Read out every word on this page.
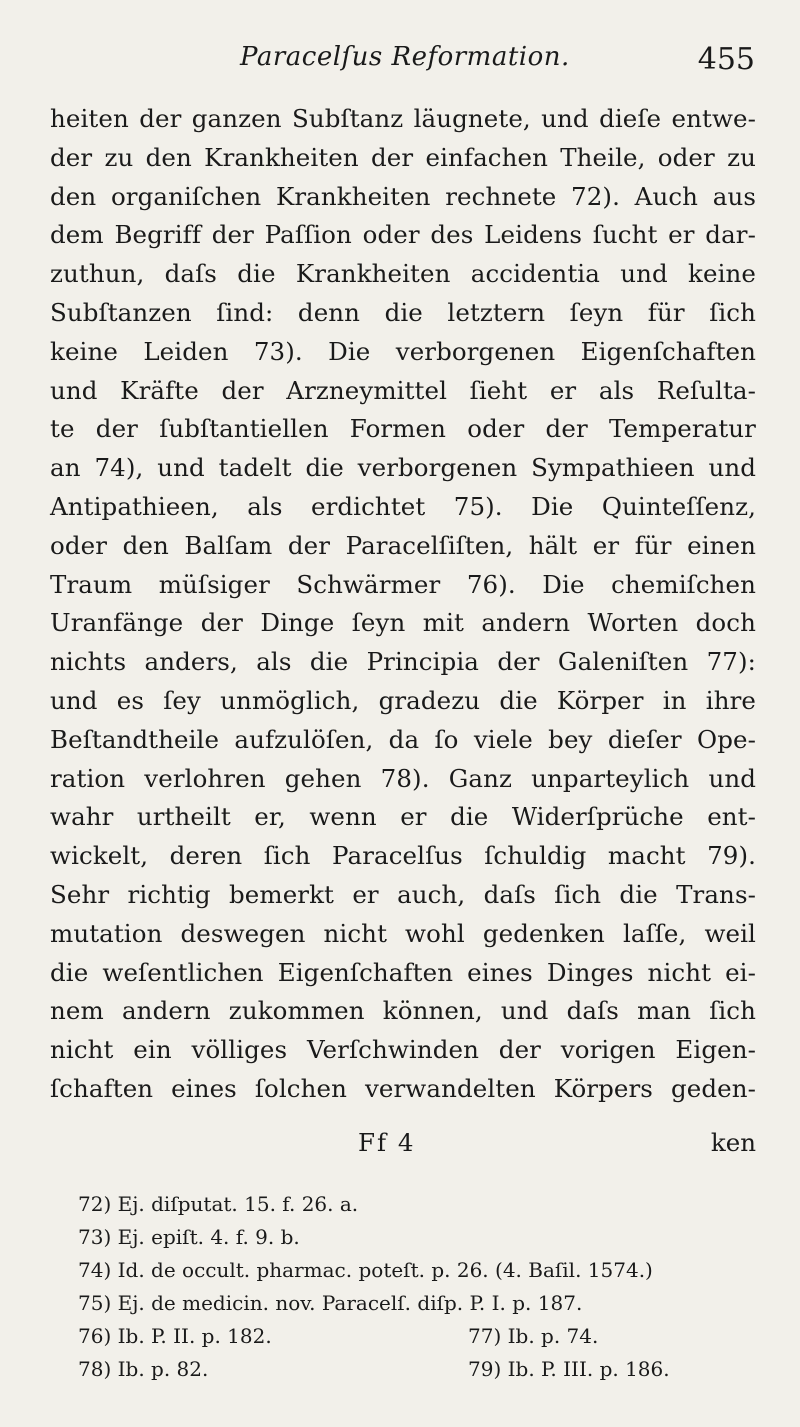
Paracelſus Reformation.	455
heiten der ganzen Subſtanz läugnete, und dieſe entwe-
der zu den Krankheiten der einfachen Theile, oder zu
den organiſchen Krankheiten rechnete 72). Auch aus
dem Begriff der Paſſion oder des Leidens ſucht er dar-
zuthun, daſs die Krankheiten accidentia und keine
Subſtanzen ſind: denn die letztern ſeyn für ſich
keine Leiden 73). Die verborgenen Eigenſchaften
und Kräfte der Arzneymittel ſieht er als Reſulta-
te der ſubſtantiellen Formen oder der Temperatur
an 74), und tadelt die verborgenen Sympathieen und
Antipathieen, als erdichtet 75). Die Quinteſſenz,
oder den Balſam der Paracelſiſten, hält er für einen
Traum müſsiger Schwärmer 76). Die chemiſchen
Uranfänge der Dinge ſeyn mit andern Worten doch
nichts anders, als die Principia der Galeniſten 77):
und es ſey unmöglich, gradezu die Körper in ihre
Beſtandtheile aufzulöſen, da ſo viele bey dieſer Ope-
ration verlohren gehen 78). Ganz unparteylich und
wahr urtheilt er, wenn er die Widerſprüche ent-
wickelt, deren ſich Paracelſus ſchuldig macht 79).
Sehr richtig bemerkt er auch, daſs ſich die Trans-
mutation deswegen nicht wohl gedenken laſſe, weil
die weſentlichen Eigenſchaften eines Dinges nicht ei-
nem andern zukommen können, und daſs man ſich
nicht ein völliges Verſchwinden der vorigen Eigen-
ſchaften eines ſolchen verwandelten Körpers geden-
Ff 4	ken
72) Ej. diſputat. 15. f. 26. a.
73) Ej. epiſt. 4. f. 9. b.
74) Id. de occult. pharmac. poteſt. p. 26. (4. Baſil. 1574.)
75) Ej. de medicin. nov. Paracelſ. diſp. P. I. p. 187.
76) Ib. P. II. p. 182.	77) Ib. p. 74.
78) Ib. p. 82.	79) Ib. P. III. p. 186.
